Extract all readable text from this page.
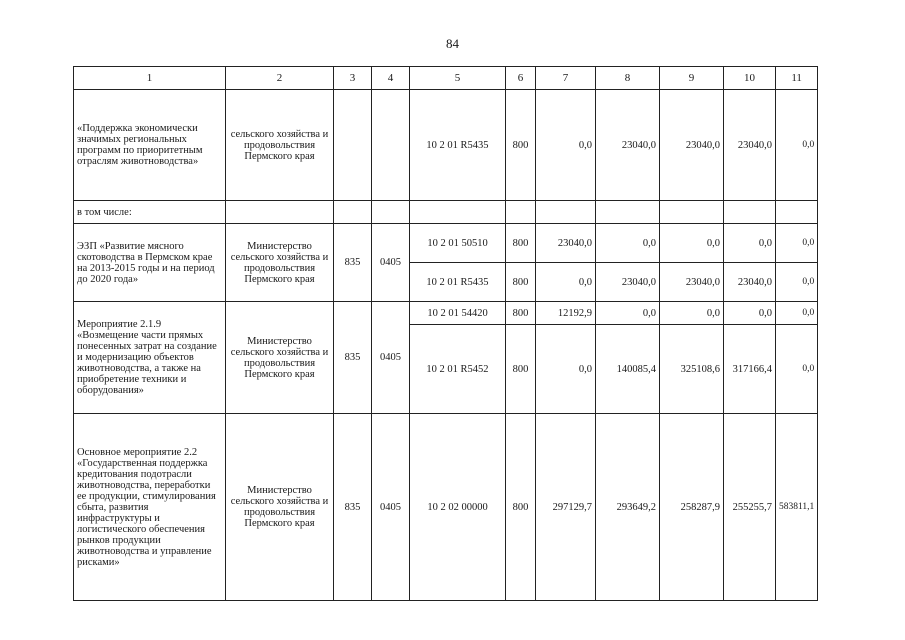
84
1	2	3	4	5	6	7	8	9	10	11
«Поддержка экономически значимых региональных программ по приоритетным отраслям животноводства»	сельского хозяйства и продовольствия Пермского края			10 2 01 R5435	800	0,0	23040,0	23040,0	23040,0	0,0
в том числе:										
ЭЗП «Развитие мясного скотоводства в Пермском крае на 2013-2015 годы и на период до 2020 года»	Министерство сельского хозяйства и продовольствия Пермского края	835	0405	10 2 01 50510	800	23040,0	0,0	0,0	0,0	0,0
				10 2 01 R5435	800	0,0	23040,0	23040,0	23040,0	0,0
Мероприятие 2.1.9 «Возмещение части прямых понесенных затрат на создание и модернизацию объектов животноводства, а также на приобретение техники и оборудования»	Министерство сельского хозяйства и продовольствия Пермского края	835	0405	10 2 01 54420	800	12192,9	0,0	0,0	0,0	0,0
				10 2 01 R5452	800	0,0	140085,4	325108,6	317166,4	0,0
Основное мероприятие 2.2 «Государственная поддержка кредитования подотрасли животноводства, переработки ее продукции, стимулирования сбыта, развития инфраструктуры и логистического обеспечения рынков продукции животноводства и управление рисками»	Министерство сельского хозяйства и продовольствия Пермского края	835	0405	10 2 02 00000	800	297129,7	293649,2	258287,9	255255,7	583811,1
